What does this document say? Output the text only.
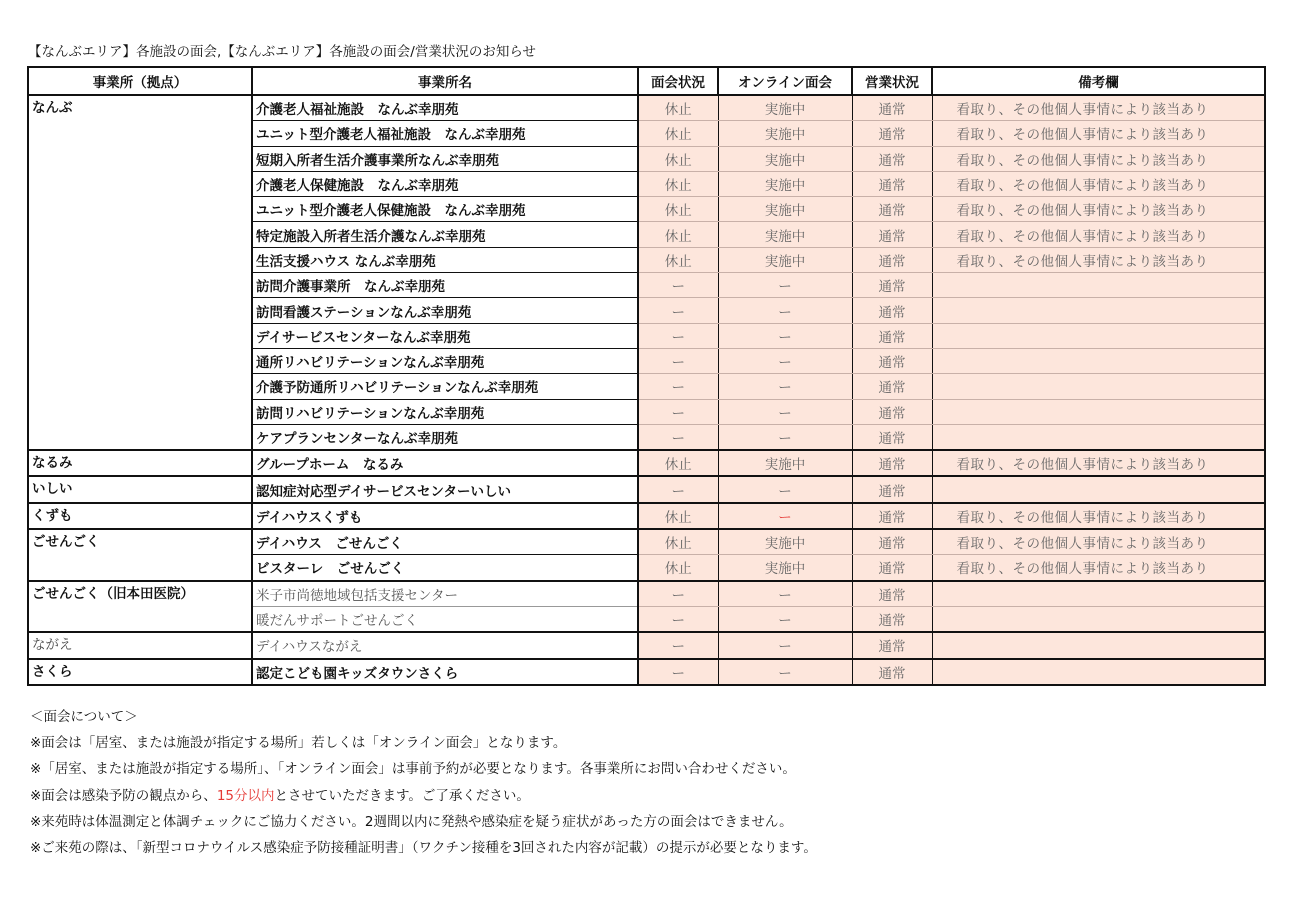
【なんぶエリア】各施設の面会,【なんぶエリア】各施設の面会/営業状況のお知らせ
事業所（拠点）	事業所名	面会状況	オンライン面会	営業状況	備考欄
なんぶ	介護老人福祉施設　なんぶ幸朋苑	休止	実施中	通常	看取り、その他個人事情により該当あり
	ユニット型介護老人福祉施設　なんぶ幸朋苑	休止	実施中	通常	看取り、その他個人事情により該当あり
	短期入所者生活介護事業所なんぶ幸朋苑	休止	実施中	通常	看取り、その他個人事情により該当あり
	介護老人保健施設　なんぶ幸朋苑	休止	実施中	通常	看取り、その他個人事情により該当あり
	ユニット型介護老人保健施設　なんぶ幸朋苑	休止	実施中	通常	看取り、その他個人事情により該当あり
	特定施設入所者生活介護なんぶ幸朋苑	休止	実施中	通常	看取り、その他個人事情により該当あり
	生活支援ハウス なんぶ幸朋苑	休止	実施中	通常	看取り、その他個人事情により該当あり
	訪問介護事業所　なんぶ幸朋苑	ー	ー	通常	
	訪問看護ステーションなんぶ幸朋苑	ー	ー	通常	
	デイサービスセンターなんぶ幸朋苑	ー	ー	通常	
	通所リハビリテーションなんぶ幸朋苑	ー	ー	通常	
	介護予防通所リハビリテーションなんぶ幸朋苑	ー	ー	通常	
	訪問リハビリテーションなんぶ幸朋苑	ー	ー	通常	
	ケアプランセンターなんぶ幸朋苑	ー	ー	通常	
なるみ	グループホーム　なるみ	休止	実施中	通常	看取り、その他個人事情により該当あり
いしい	認知症対応型デイサービスセンターいしい	ー	ー	通常	
くずも	デイハウスくずも	休止	ー	通常	看取り、その他個人事情により該当あり
ごせんごく	デイハウス　ごせんごく	休止	実施中	通常	看取り、その他個人事情により該当あり
	ビスターレ　ごせんごく	休止	実施中	通常	看取り、その他個人事情により該当あり
ごせんごく（旧本田医院）	米子市尚徳地域包括支援センター	ー	ー	通常	
	暖だんサポートごせんごく	ー	ー	通常	
ながえ	デイハウスながえ	ー	ー	通常	
さくら	認定こども園キッズタウンさくら	ー	ー	通常	
＜面会について＞
※面会は「居室、または施設が指定する場所」若しくは「オンライン面会」となります。
※「居室、または施設が指定する場所」、「オンライン面会」は事前予約が必要となります。各事業所にお問い合わせください。
※面会は感染予防の観点から、15分以内とさせていただきます。ご了承ください。
※来苑時は体温測定と体調チェックにご協力ください。2週間以内に発熱や感染症を疑う症状があった方の面会はできません。
※ご来苑の際は、「新型コロナウイルス感染症予防接種証明書」（ワクチン接種を3回された内容が記載）の提示が必要となります。
